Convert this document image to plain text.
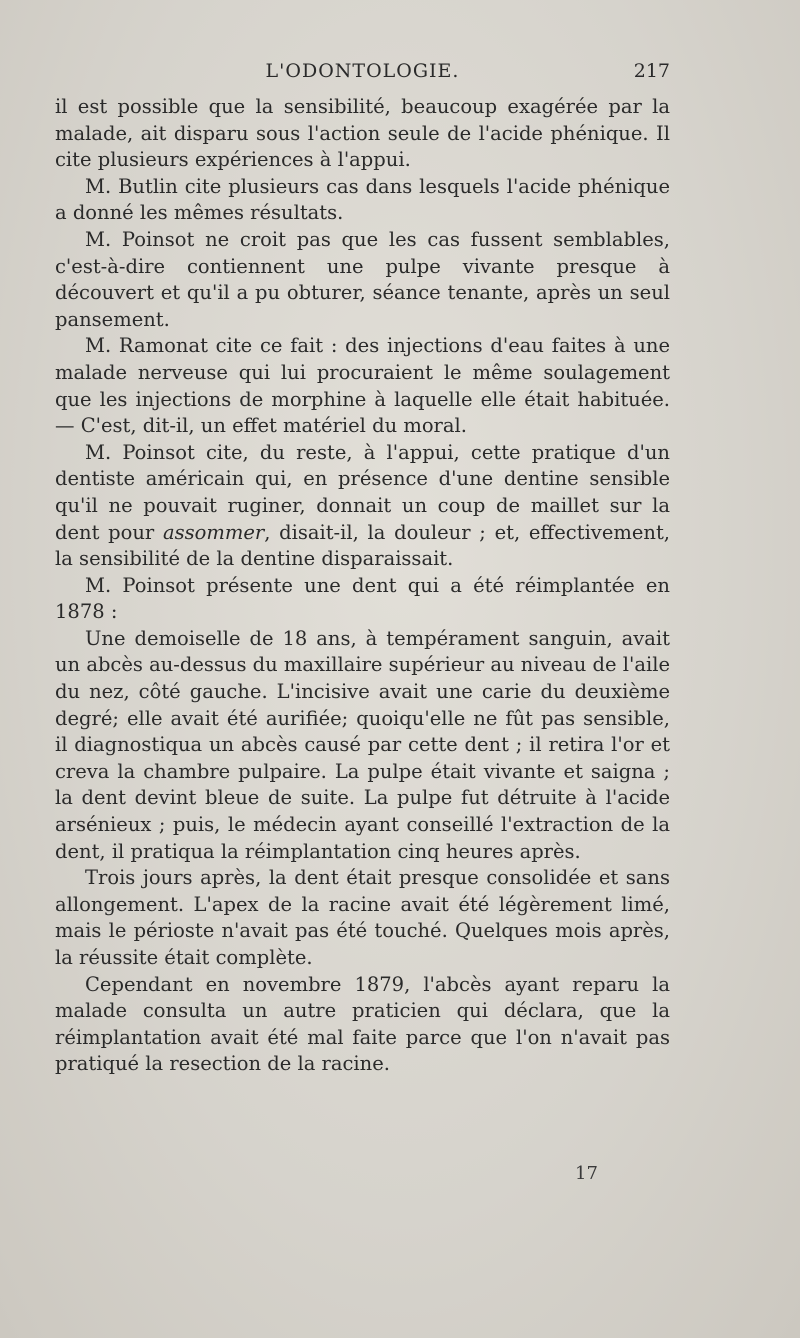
L'ODONTOLOGIE.	217

il est possible que la sensibilité, beaucoup exagérée par la malade, ait disparu sous l'action seule de l'acide phénique. Il cite plusieurs expériences à l'appui.

M. Butlin cite plusieurs cas dans lesquels l'acide phénique a donné les mêmes résultats.

M. Poinsot ne croit pas que les cas fussent semblables, c'est-à-dire contiennent une pulpe vivante presque à découvert et qu'il a pu obturer, séance tenante, après un seul pansement.

M. Ramonat cite ce fait : des injections d'eau faites à une malade nerveuse qui lui procuraient le même soulagement que les injections de morphine à laquelle elle était habituée. — C'est, dit-il, un effet matériel du moral.

M. Poinsot cite, du reste, à l'appui, cette pratique d'un dentiste américain qui, en présence d'une dentine sensible qu'il ne pouvait ruginer, donnait un coup de maillet sur la dent pour assommer, disait-il, la douleur ; et, effectivement, la sensibilité de la dentine disparaissait.

M. Poinsot présente une dent qui a été réimplantée en 1878 :

Une demoiselle de 18 ans, à tempérament sanguin, avait un abcès au-dessus du maxillaire supérieur au niveau de l'aile du nez, côté gauche. L'incisive avait une carie du deuxième degré; elle avait été aurifiée; quoiqu'elle ne fût pas sensible, il diagnostiqua un abcès causé par cette dent ; il retira l'or et creva la chambre pulpaire. La pulpe était vivante et saigna ; la dent devint bleue de suite. La pulpe fut détruite à l'acide arsénieux ; puis, le médecin ayant conseillé l'extraction de la dent, il pratiqua la réimplantation cinq heures après.

Trois jours après, la dent était presque consolidée et sans allongement. L'apex de la racine avait été légèrement limé, mais le périoste n'avait pas été touché. Quelques mois après, la réussite était complète.

Cependant en novembre 1879, l'abcès ayant reparu la malade consulta un autre praticien qui déclara, que la réimplantation avait été mal faite parce que l'on n'avait pas pratiqué la resection de la racine.

17
